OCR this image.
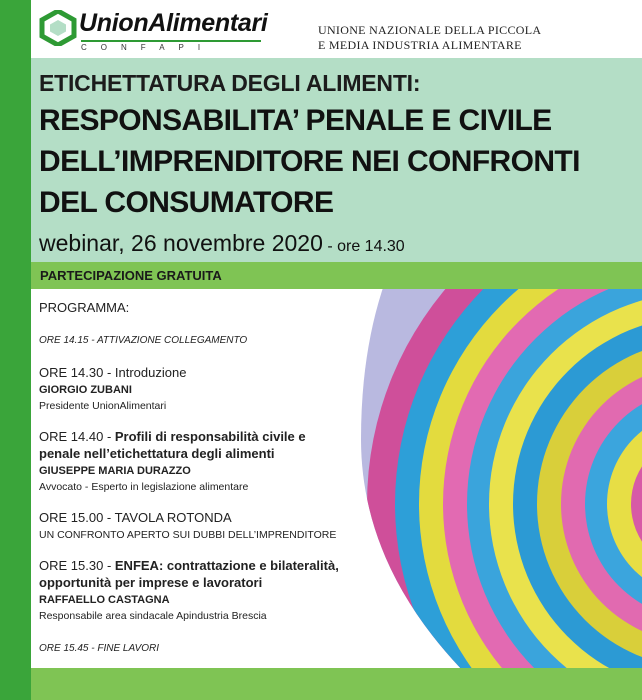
UnionAlimentari
CONFAPI
UNIONE NAZIONALE DELLA PICCOLA
E MEDIA INDUSTRIA ALIMENTARE
ETICHETTATURA DEGLI ALIMENTI:
RESPONSABILITA’ PENALE E CIVILE
DELL’IMPRENDITORE NEI CONFRONTI
DEL CONSUMATORE
webinar, 26 novembre 2020 - ore 14.30
PARTECIPAZIONE GRATUITA
PROGRAMMA:
ORE 14.15 - ATTIVAZIONE COLLEGAMENTO
ORE 14.30 - Introduzione
GIORGIO ZUBANI
Presidente UnionAlimentari
ORE 14.40 - Profili di responsabilità civile e
penale nell’etichettatura degli alimenti
GIUSEPPE MARIA DURAZZO
Avvocato - Esperto in legislazione alimentare
ORE 15.00 - TAVOLA ROTONDA
UN CONFRONTO APERTO SUI DUBBI DELL’IMPRENDITORE
ORE 15.30 - ENFEA: contrattazione e bilateralità,
opportunità per imprese e lavoratori
RAFFAELLO CASTAGNA
Responsabile area sindacale Apindustria Brescia
ORE 15.45 - FINE LAVORI
